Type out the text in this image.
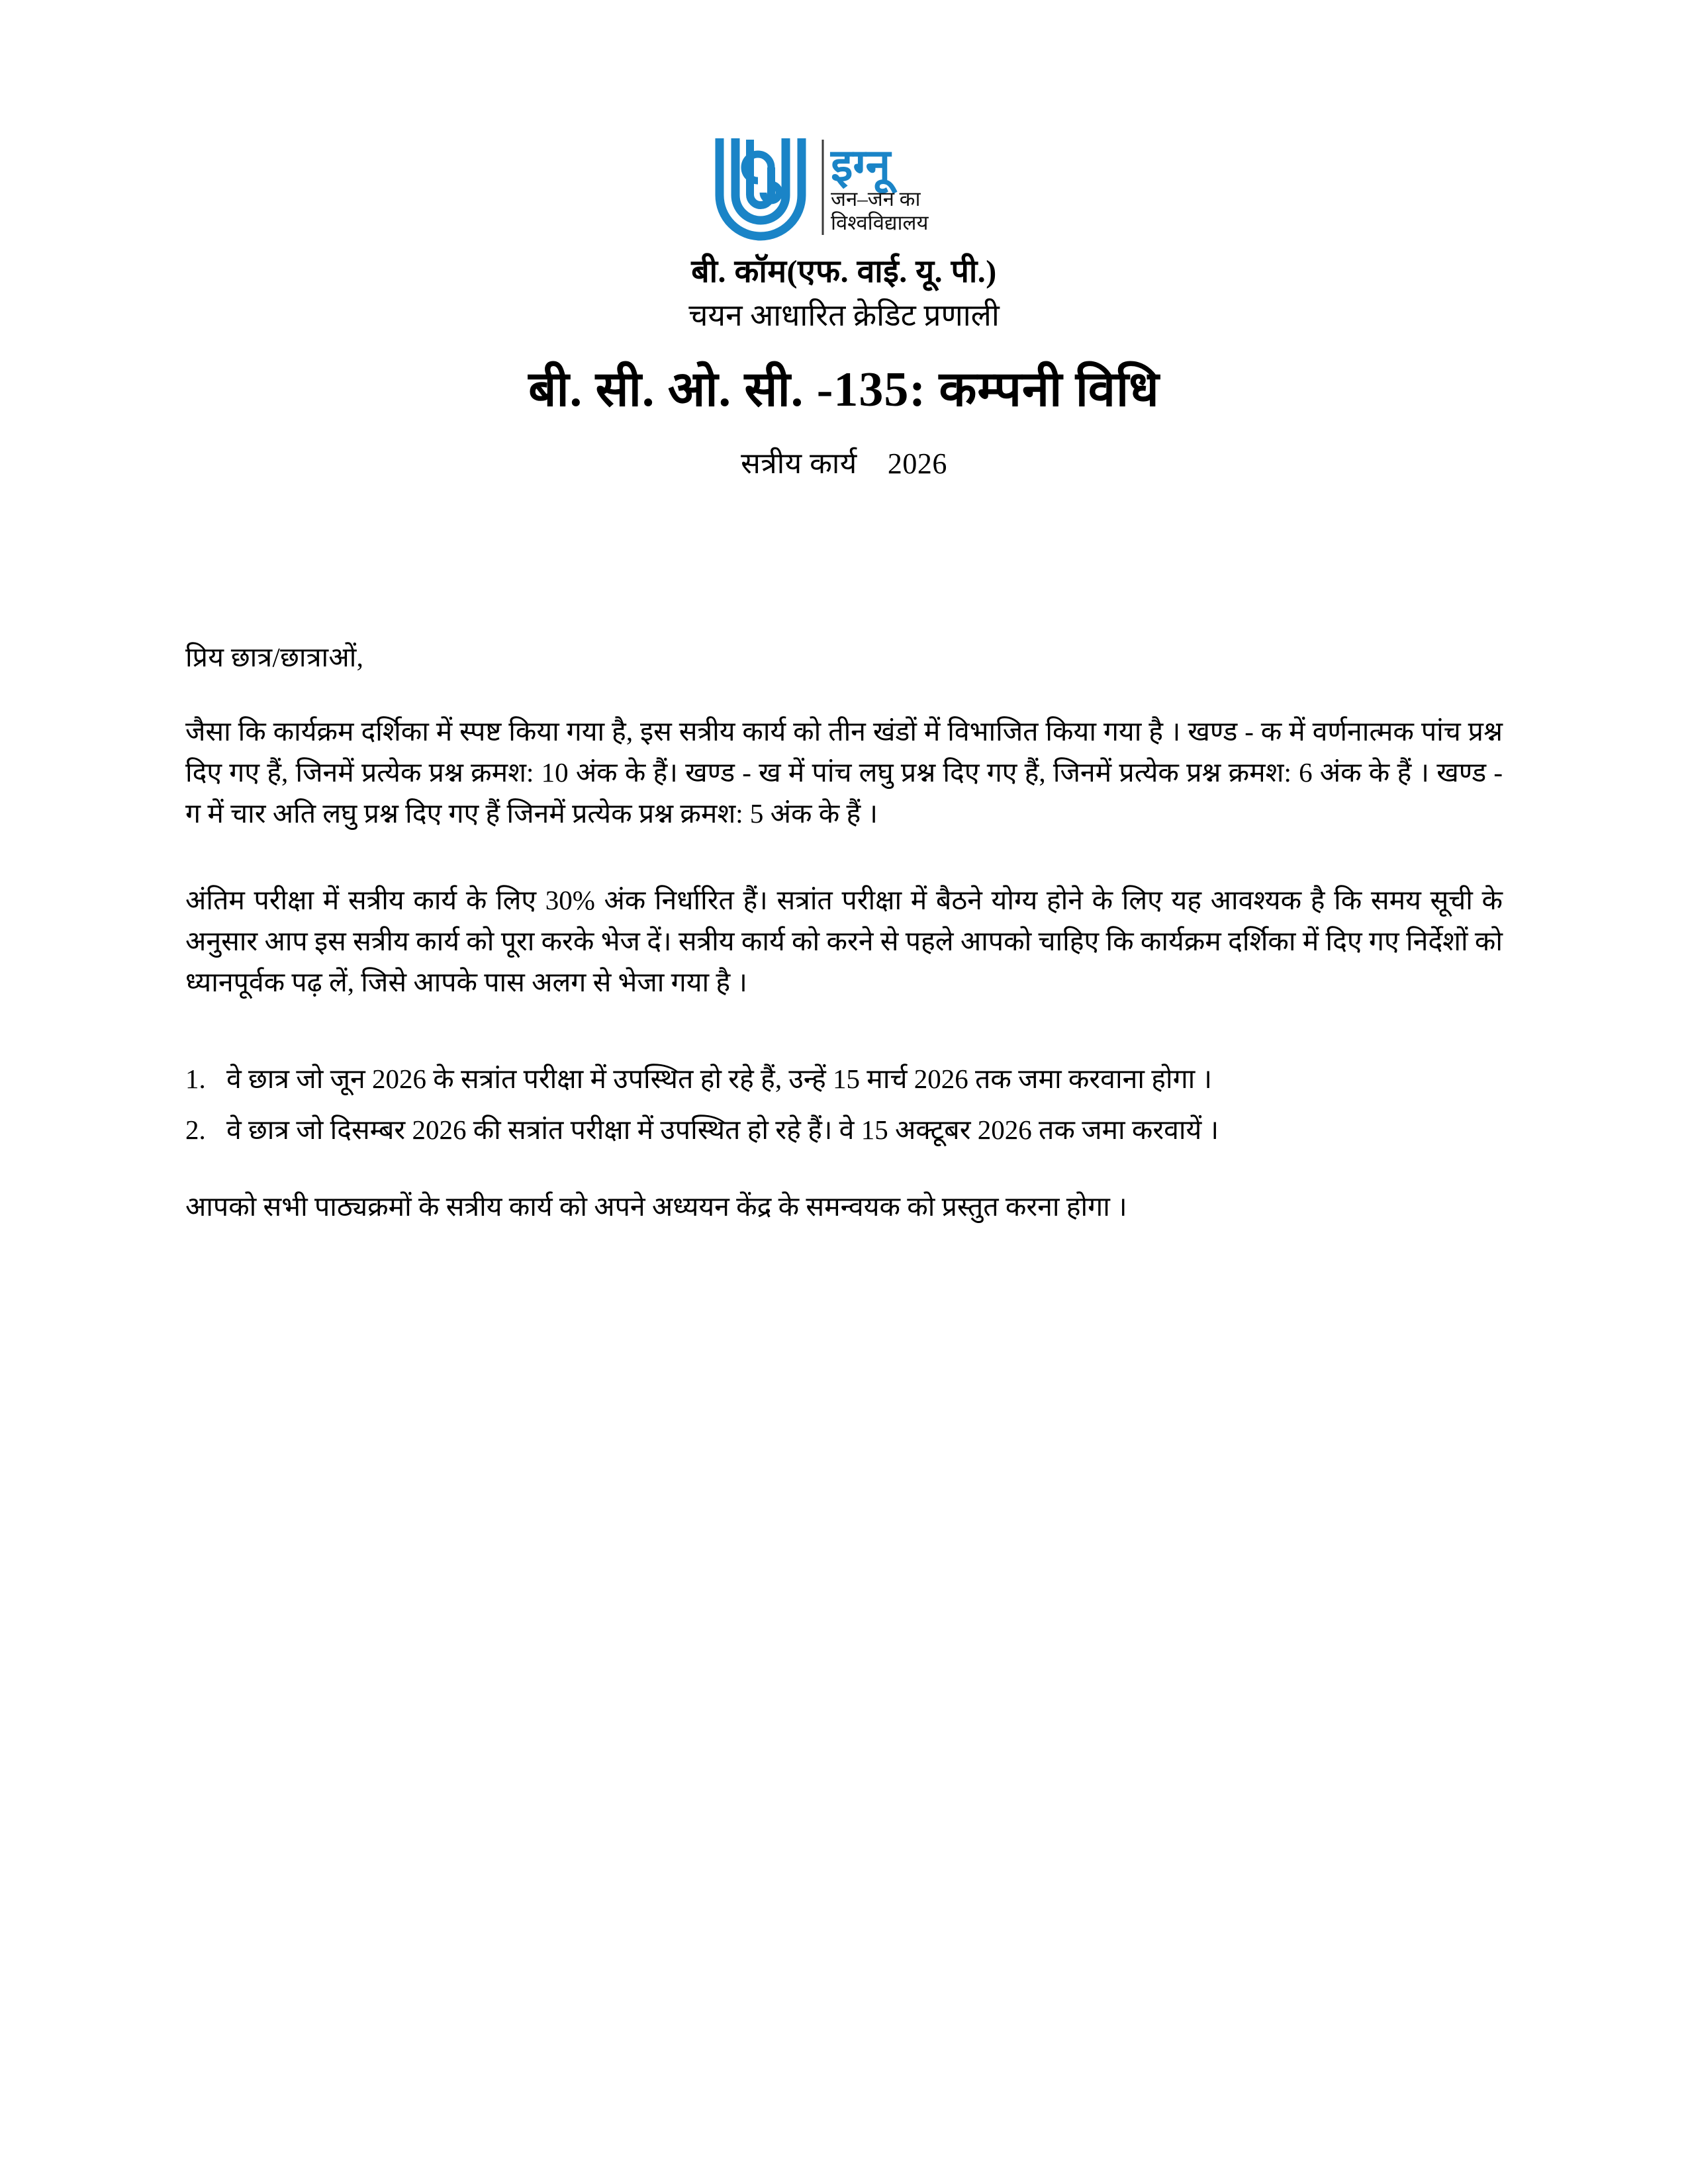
इग्नू
जन–जन का
विश्वविद्यालय
बी. कॉम(एफ. वाई. यू. पी.)
चयन आधारित क्रेडिट प्रणाली
बी. सी. ओ. सी. -135: कम्पनी विधि
सत्रीय कार्य 2026
प्रिय छात्र/छात्राओं,

जैसा कि कार्यक्रम दर्शिका में स्पष्ट किया गया है, इस सत्रीय कार्य को तीन खंडों में विभाजित किया गया है । खण्ड - क में वर्णनात्मक पांच प्रश्न दिए गए हैं, जिनमें प्रत्येक प्रश्न क्रमश: 10 अंक के हैं। खण्ड - ख में पांच लघु प्रश्न दिए गए हैं, जिनमें प्रत्येक प्रश्न क्रमश: 6 अंक के हैं । खण्ड - ग में चार अति लघु प्रश्न दिए गए हैं जिनमें प्रत्येक प्रश्न क्रमश: 5 अंक के हैं ।

अंतिम परीक्षा में सत्रीय कार्य के लिए 30% अंक निर्धारित हैं। सत्रांत परीक्षा में बैठने योग्य होने के लिए यह आवश्यक है कि समय सूची के अनुसार आप इस सत्रीय कार्य को पूरा करके भेज दें। सत्रीय कार्य को करने से पहले आपको चाहिए कि कार्यक्रम दर्शिका में दिए गए निर्देशों को ध्यानपूर्वक पढ़ लें, जिसे आपके पास अलग से भेजा गया है ।

1. वे छात्र जो जून 2026 के सत्रांत परीक्षा में उपस्थित हो रहे हैं, उन्हें 15 मार्च 2026 तक जमा करवाना होगा ।
2. वे छात्र जो दिसम्बर 2026 की सत्रांत परीक्षा में उपस्थित हो रहे हैं। वे 15 अक्टूबर 2026 तक जमा करवायें ।

आपको सभी पाठ्यक्रमों के सत्रीय कार्य को अपने अध्ययन केंद्र के समन्वयक को प्रस्तुत करना होगा ।
